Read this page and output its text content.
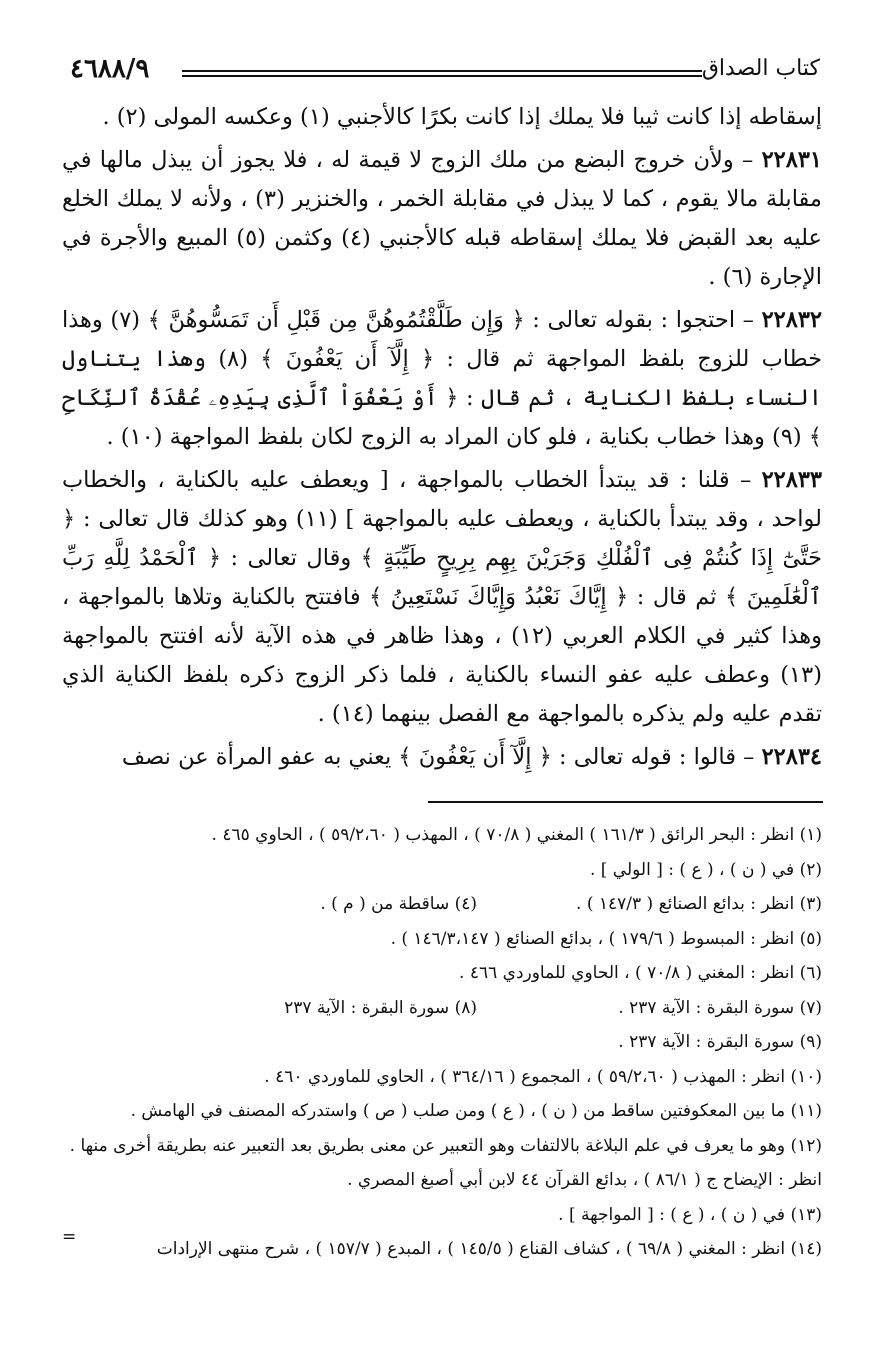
٤٦٨٨/٩	كتاب الصداق

إسقاطه إذا كانت ثيبا فلا يملك إذا كانت بكرًا كالأجنبي (١) وعكسه المولى (٢) .

٢٢٨٣١ – ولأن خروج البضع من ملك الزوج لا قيمة له ، فلا يجوز أن يبذل مالها في مقابلة مالا يقوم ، كما لا يبذل في مقابلة الخمر ، والخنزير (٣) ، ولأنه لا يملك الخلع عليه بعد القبض فلا يملك إسقاطه قبله كالأجنبي (٤) وكثمن (٥) المبيع والأجرة في الإجارة (٦) .

٢٢٨٣٢ – احتجوا : بقوله تعالى : ﴿ وَإِن طَلَّقْتُمُوهُنَّ مِن قَبْلِ أَن تَمَسُّوهُنَّ ﴾ (٧) وهذا خطاب للزوج بلفظ المواجهة ثم قال : ﴿ إِلَّآ أَن يَعْفُونَ ﴾ (٨) وهذا يتناول النساء بلفظ الكناية ، ثم قال : ﴿ أَوْ يَعْفُوَاْ ٱلَّذِى بِيَدِهِۦ عُقْدَةُ ٱلنِّكَاحِ ﴾ (٩) وهذا خطاب بكناية ، فلو كان المراد به الزوج لكان بلفظ المواجهة (١٠) .

٢٢٨٣٣ – قلنا : قد يبتدأ الخطاب بالمواجهة ، [ ويعطف عليه بالكناية ، والخطاب لواحد ، وقد يبتدأ بالكناية ، ويعطف عليه بالمواجهة ] (١١) وهو كذلك قال تعالى : ﴿ حَتَّىٰٓ إِذَا كُنتُمْ فِى ٱلْفُلْكِ وَجَرَيْنَ بِهِم بِرِيحٍ طَيِّبَةٍ ﴾ وقال تعالى : ﴿ ٱلْحَمْدُ لِلَّهِ رَبِّ ٱلْعَٰلَمِينَ ﴾ ثم قال : ﴿ إِيَّاكَ نَعْبُدُ وَإِيَّاكَ نَسْتَعِينُ ﴾ فافتتح بالكناية وتلاها بالمواجهة ، وهذا كثير في الكلام العربي (١٢) ، وهذا ظاهر في هذه الآية لأنه افتتح بالمواجهة (١٣) وعطف عليه عفو النساء بالكناية ، فلما ذكر الزوج ذكره بلفظ الكناية الذي تقدم عليه ولم يذكره بالمواجهة مع الفصل بينهما (١٤) .

٢٢٨٣٤ – قالوا : قوله تعالى : ﴿ إِلَّآ أَن يَعْفُونَ ﴾ يعني به عفو المرأة عن نصف

(١) انظر : البحر الرائق ( ١٦١/٣ ) المغني ( ٧٠/٨ ) ، المهذب ( ٥٩/٢،٦٠ ) ، الحاوي ٤٦٥ .

(٢) في ( ن ) ، ( ع ) : [ الولي ] .

(٣) انظر : بدائع الصنائع ( ١٤٧/٣ ) .

(٤) ساقطة من ( م ) .

(٥) انظر : المبسوط ( ١٧٩/٦ ) ، بدائع الصنائع ( ١٤٦/٣،١٤٧ ) .

(٦) انظر : المغني ( ٧٠/٨ ) ، الحاوي للماوردي ٤٦٦ .

(٧) سورة البقرة : الآية ٢٣٧ .

(٨) سورة البقرة : الآية ٢٣٧

(٩) سورة البقرة : الآية ٢٣٧ .

(١٠) انظر : المهذب ( ٥٩/٢،٦٠ ) ، المجموع ( ٣٦٤/١٦ ) ، الحاوي للماوردي ٤٦٠ .

(١١) ما بين المعكوفتين ساقط من ( ن ) ، ( ع ) ومن صلب ( ص ) واستدركه المصنف في الهامش .

(١٢) وهو ما يعرف في علم البلاغة بالالتفات وهو التعبير عن معنى بطريق بعد التعبير عنه بطريقة أخرى منها .

انظر : الإيضاح ج ( ٨٦/١ ) ، بدائع القرآن ٤٤ لابن أبي أصبغ المصري .

(١٣) في ( ن ) ، ( ع ) : [ المواجهة ] .

(١٤) انظر : المغني ( ٦٩/٨ ) ، كشاف القناع ( ١٤٥/٥ ) ، المبدع ( ١٥٧/٧ ) ، شرح منتهى الإرادات

=
